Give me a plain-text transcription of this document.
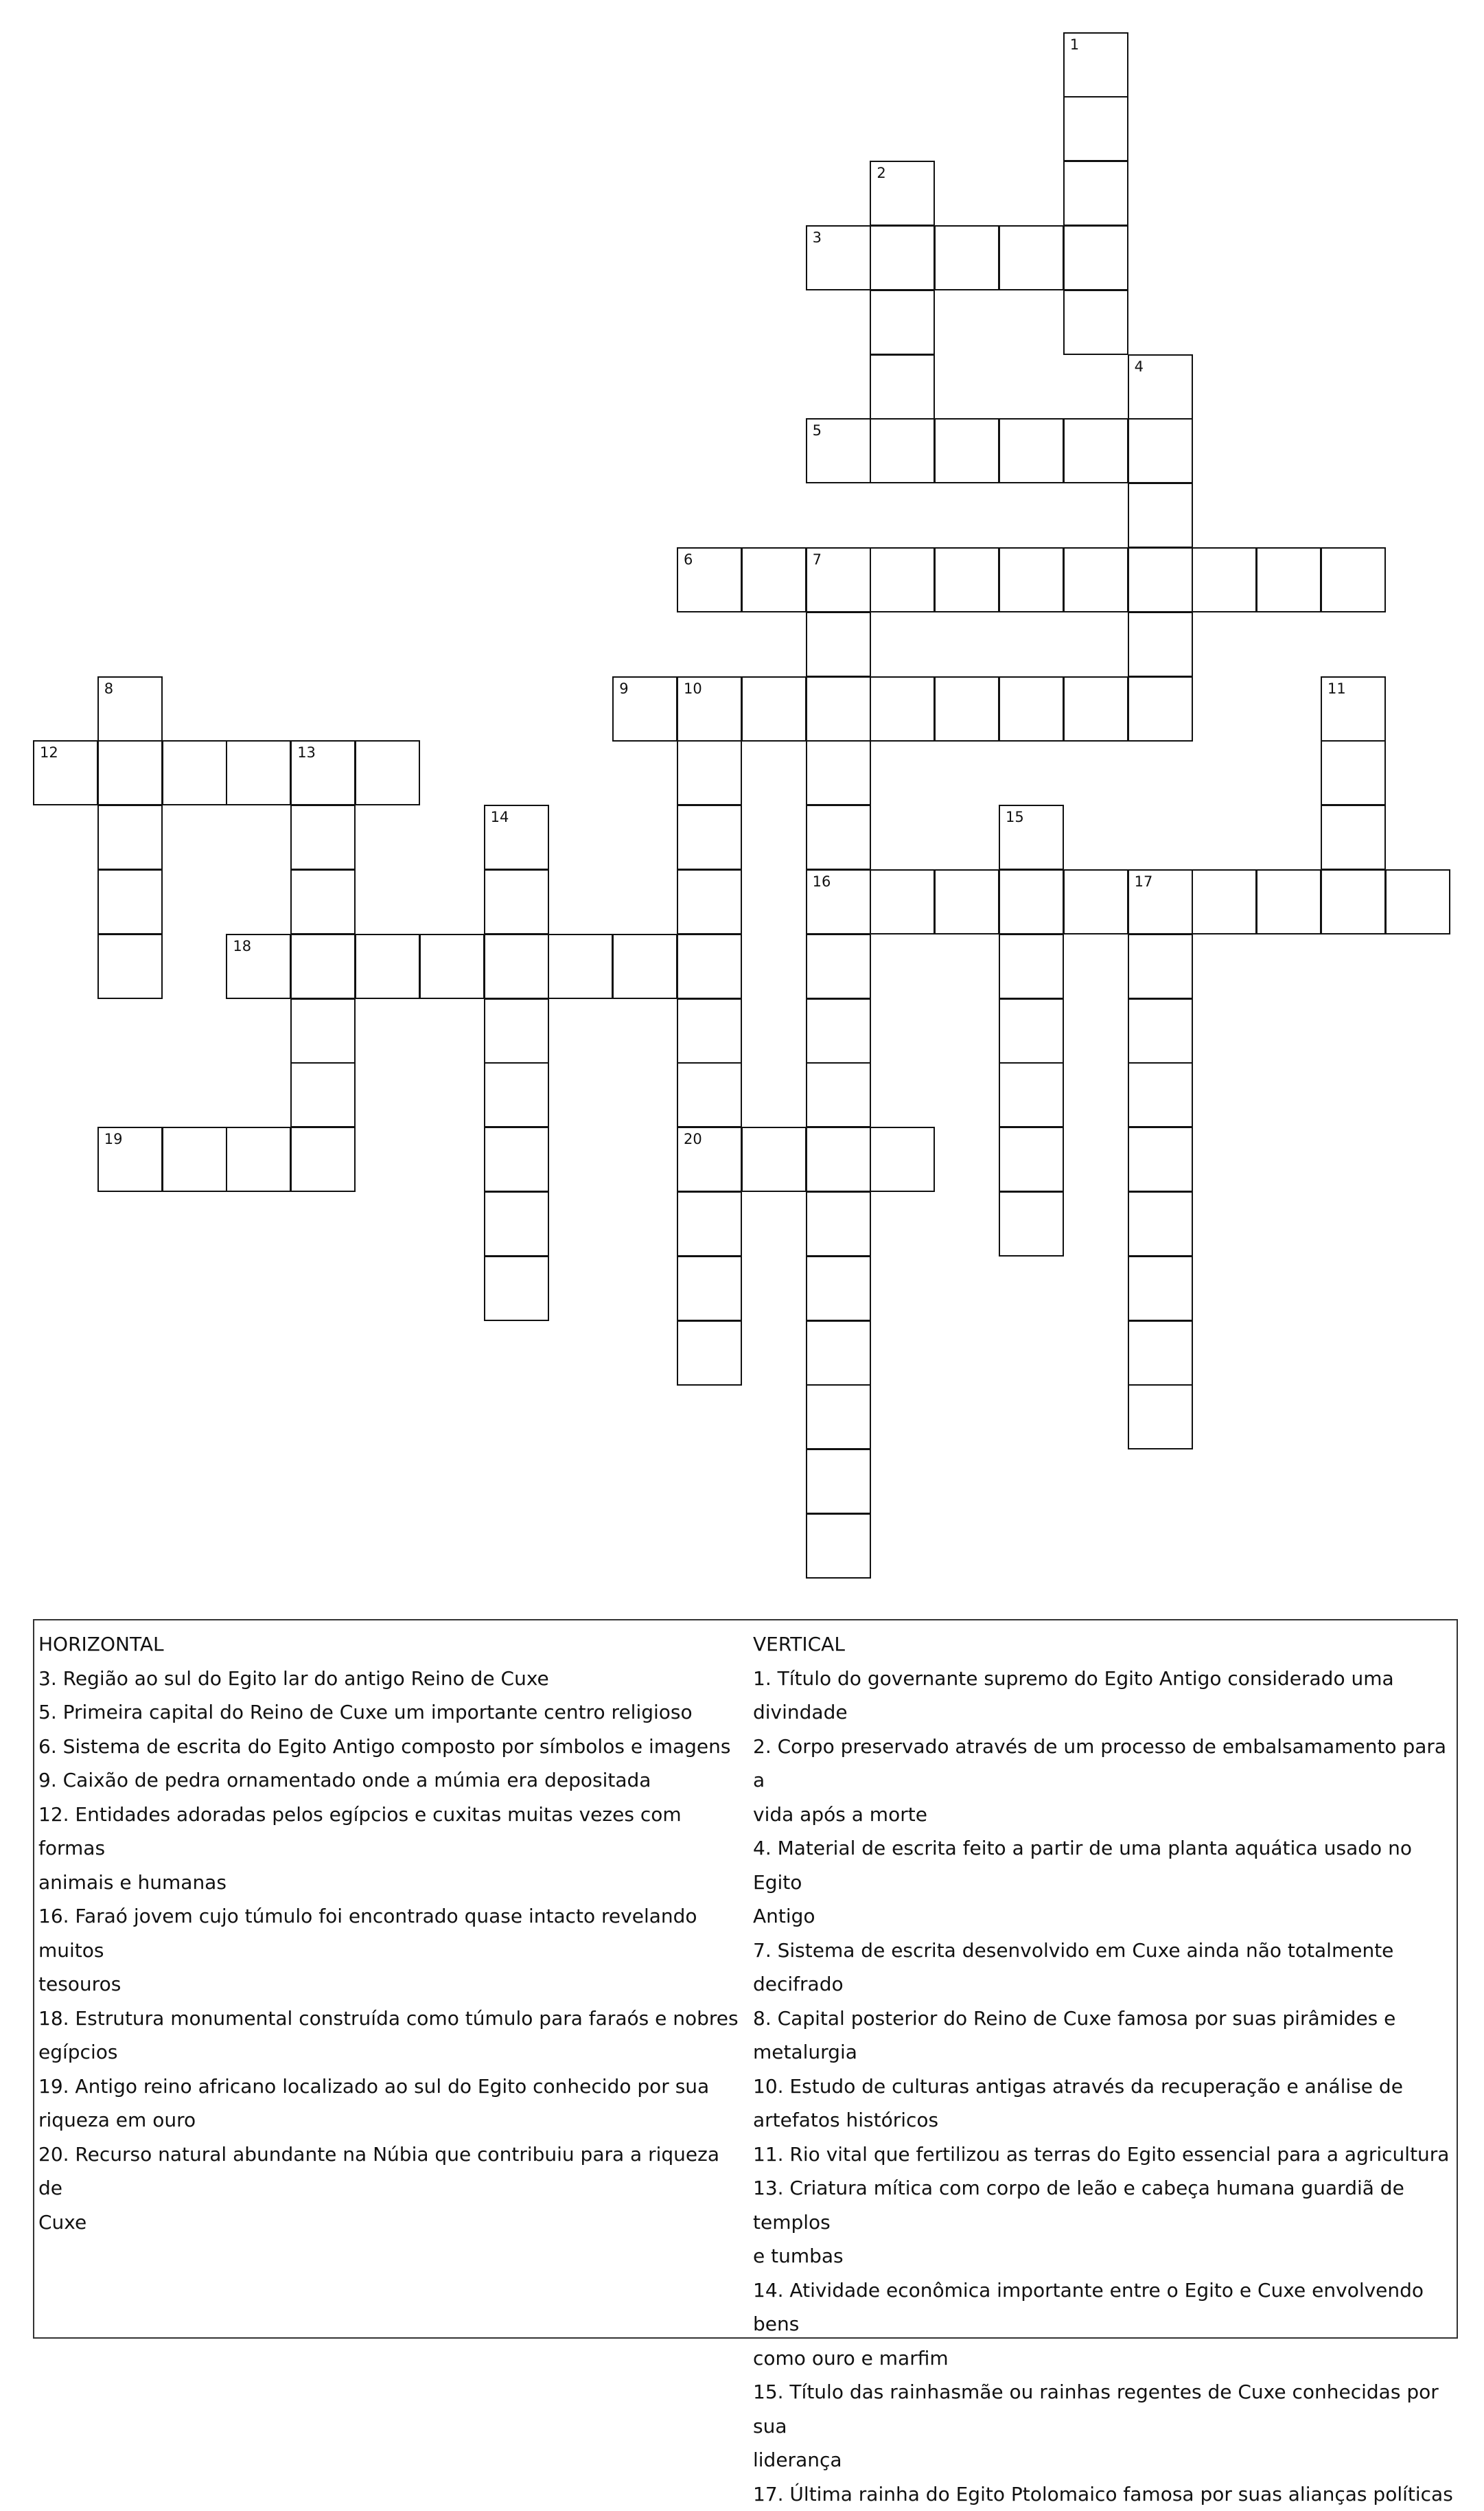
1
2
3
4
5
6	7
8	9	10	11
12	13
14	15
16	17
18
19	20
HORIZONTAL
3. Região ao sul do Egito lar do antigo Reino de Cuxe
5. Primeira capital do Reino de Cuxe um importante centro religioso
6. Sistema de escrita do Egito Antigo composto por símbolos e imagens
9. Caixão de pedra ornamentado onde a múmia era depositada
12. Entidades adoradas pelos egípcios e cuxitas muitas vezes com formas
animais e humanas
16. Faraó jovem cujo túmulo foi encontrado quase intacto revelando muitos
tesouros
18. Estrutura monumental construída como túmulo para faraós e nobres
egípcios
19. Antigo reino africano localizado ao sul do Egito conhecido por sua
riqueza em ouro
20. Recurso natural abundante na Núbia que contribuiu para a riqueza de
Cuxe
VERTICAL
1. Título do governante supremo do Egito Antigo considerado uma
divindade
2. Corpo preservado através de um processo de embalsamamento para a
vida após a morte
4. Material de escrita feito a partir de uma planta aquática usado no Egito
Antigo
7. Sistema de escrita desenvolvido em Cuxe ainda não totalmente decifrado
8. Capital posterior do Reino de Cuxe famosa por suas pirâmides e
metalurgia
10. Estudo de culturas antigas através da recuperação e análise de
artefatos históricos
11. Rio vital que fertilizou as terras do Egito essencial para a agricultura
13. Criatura mítica com corpo de leão e cabeça humana guardiã de templos
e tumbas
14. Atividade econômica importante entre o Egito e Cuxe envolvendo bens
como ouro e marfim
15. Título das rainhasmãe ou rainhas regentes de Cuxe conhecidas por sua
liderança
17. Última rainha do Egito Ptolomaico famosa por suas alianças políticas
